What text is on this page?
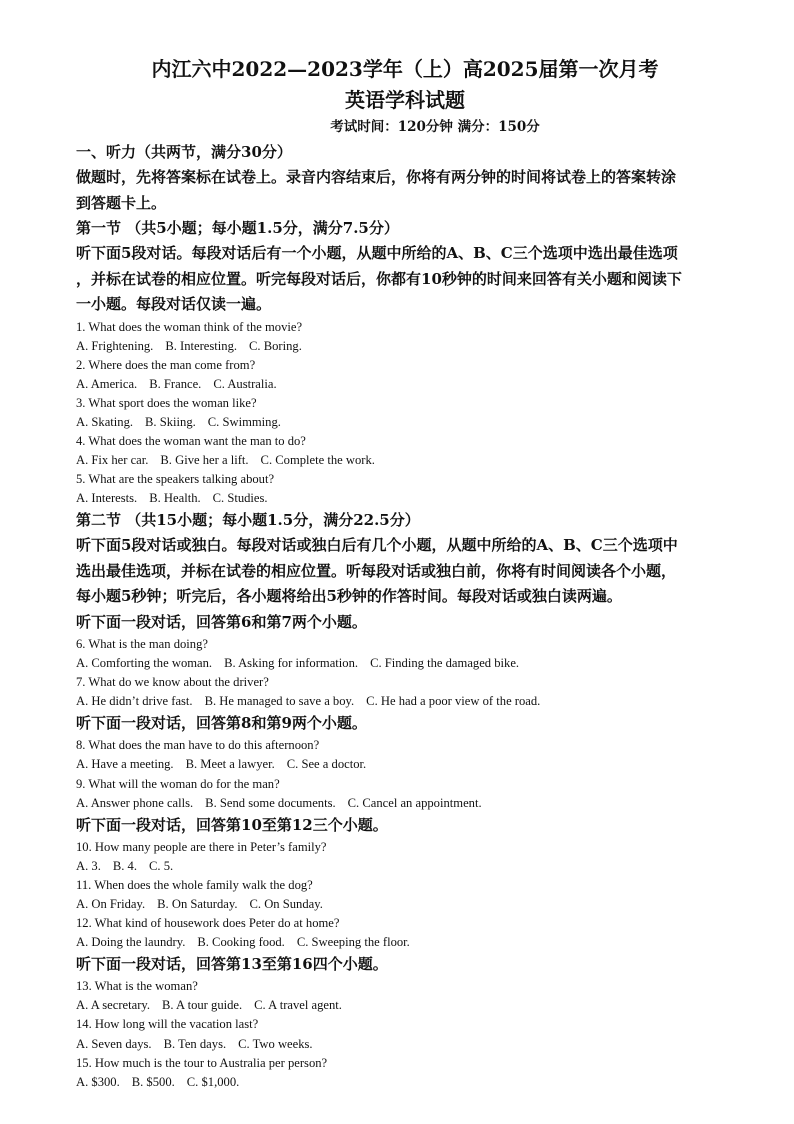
内江六中2022—2023学年（上）高2025届第一次月考
英语学科试题
考试时间：120分钟 满分：150分
一、听力（共两节，满分30分）
做题时，先将答案标在试卷上。录音内容结束后，你将有两分钟的时间将试卷上的答案转涂
到答题卡上。
第一节 （共5小题；每小题1.5分，满分7.5分）
听下面5段对话。每段对话后有一个小题，从题中所给的A、B、C三个选项中选出最佳选项
，并标在试卷的相应位置。听完每段对话后，你都有10秒钟的时间来回答有关小题和阅读下
一小题。每段对话仅读一遍。
1. What does the woman think of the movie?
A. Frightening. B. Interesting. C. Boring.
2. Where does the man come from?
A. America. B. France. C. Australia.
3. What sport does the woman like?
A. Skating. B. Skiing. C. Swimming.
4. What does the woman want the man to do?
A. Fix her car. B. Give her a lift. C. Complete the work.
5. What are the speakers talking about?
A. Interests. B. Health. C. Studies.
第二节 （共15小题；每小题1.5分，满分22.5分）
听下面5段对话或独白。每段对话或独白后有几个小题，从题中所给的A、B、C三个选项中
选出最佳选项，并标在试卷的相应位置。听每段对话或独白前，你将有时间阅读各个小题，
每小题5秒钟；听完后，各小题将给出5秒钟的作答时间。每段对话或独白读两遍。
听下面一段对话，回答第6和第7两个小题。
6. What is the man doing?
A. Comforting the woman. B. Asking for information. C. Finding the damaged bike.
7. What do we know about the driver?
A. He didn’t drive fast. B. He managed to save a boy. C. He had a poor view of the road.
听下面一段对话，回答第8和第9两个小题。
8. What does the man have to do this afternoon?
A. Have a meeting. B. Meet a lawyer. C. See a doctor.
9. What will the woman do for the man?
A. Answer phone calls. B. Send some documents. C. Cancel an appointment.
听下面一段对话，回答第10至第12三个小题。
10. How many people are there in Peter’s family?
A. 3. B. 4. C. 5.
11. When does the whole family walk the dog?
A. On Friday. B. On Saturday. C. On Sunday.
12. What kind of housework does Peter do at home?
A. Doing the laundry. B. Cooking food. C. Sweeping the floor.
听下面一段对话，回答第13至第16四个小题。
13. What is the woman?
A. A secretary. B. A tour guide. C. A travel agent.
14. How long will the vacation last?
A. Seven days. B. Ten days. C. Two weeks.
15. How much is the tour to Australia per person?
A. $300. B. $500. C. $1,000.
